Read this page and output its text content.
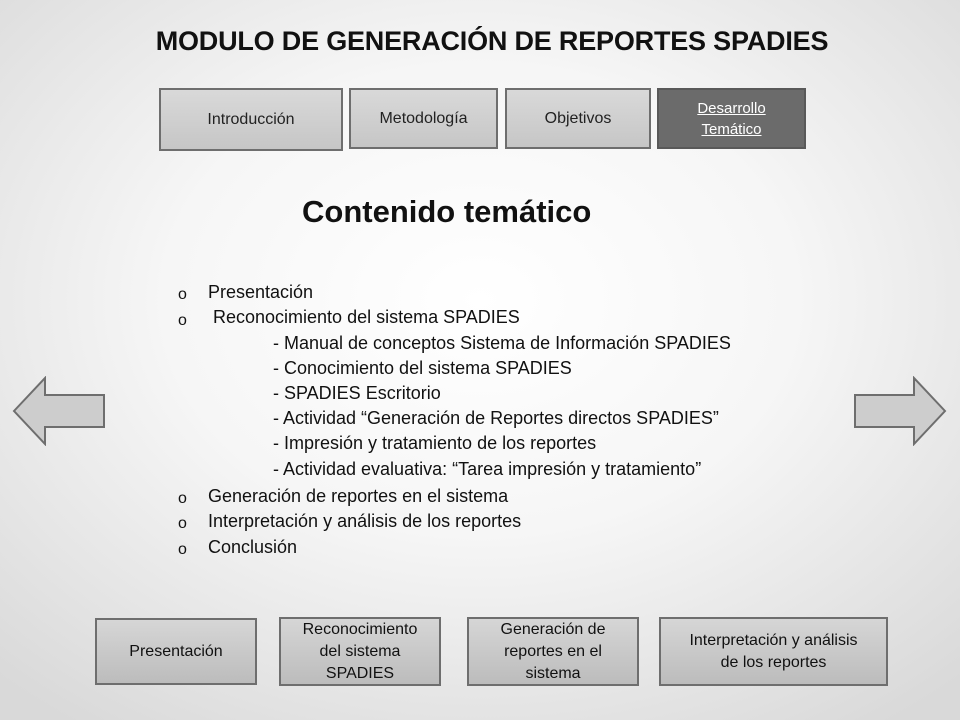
MODULO DE GENERACIÓN DE REPORTES SPADIES
Introducción	Metodología	Objetivos
Desarrollo
Temático
Contenido temático
o Presentación
o Reconocimiento del sistema SPADIES
- Manual de conceptos Sistema de Información SPADIES
- Conocimiento del sistema SPADIES
- SPADIES Escritorio
- Actividad “Generación de Reportes directos SPADIES”
- Impresión y tratamiento de los reportes
- Actividad evaluativa: “Tarea impresión y tratamiento”
o Generación de reportes en el sistema
o Interpretación y análisis de los reportes
o Conclusión
Presentación
Reconocimiento
del sistema
SPADIES
Generación de
reportes en el
sistema
Interpretación y análisis
de los reportes
